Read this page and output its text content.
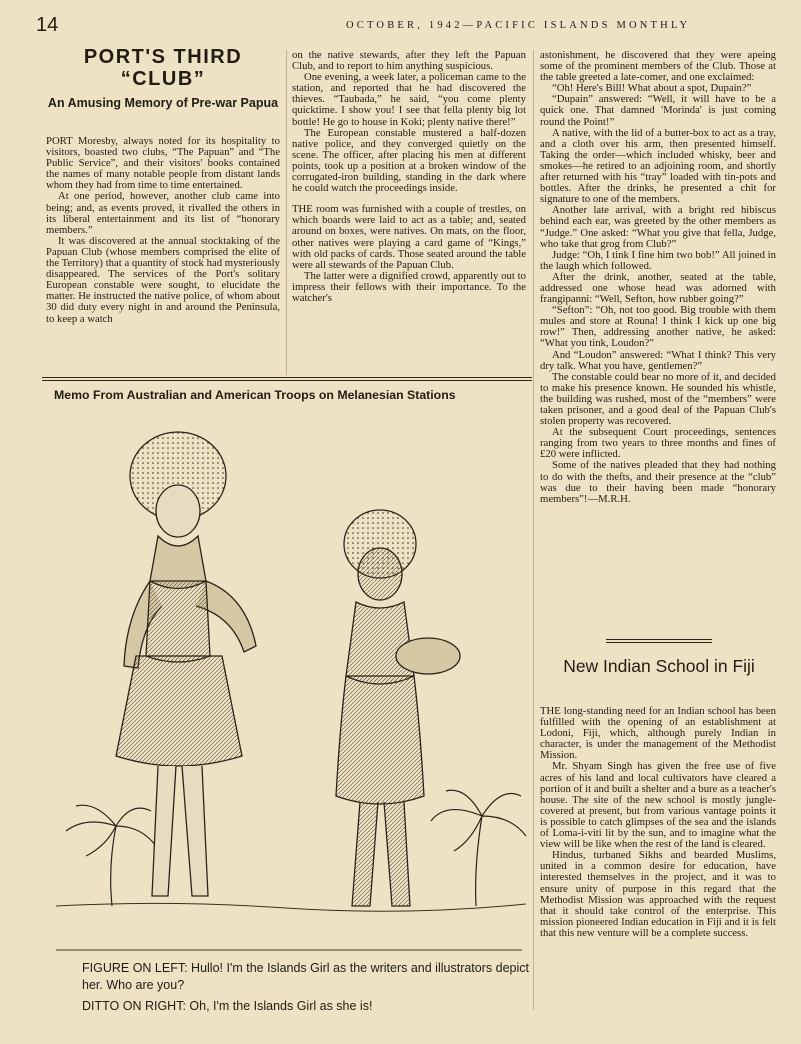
14	OCTOBER, 1942—PACIFIC ISLANDS MONTHLY
PORT'S THIRD “CLUB”
An Amusing Memory of Pre-war Papua

PORT Moresby, always noted for its hospitality to visitors, boasted two clubs, “The Papuan” and “The Public Service”, and their visitors' books contained the names of many notable people from distant lands whom they had from time to time entertained.

At one period, however, another club came into being; and, as events proved, it rivalled the others in its liberal entertainment and its list of “honorary members.”

It was discovered at the annual stocktaking of the Papuan Club (whose members comprised the elite of the Territory) that a quantity of stock had mysteriously disappeared. The services of the Port's solitary European constable were sought, to elucidate the matter. He instructed the native police, of whom about 30 did duty every night in and around the Peninsula, to keep a watch

on the native stewards, after they left the Papuan Club, and to report to him anything suspicious.

One evening, a week later, a policeman came to the station, and reported that he had discovered the thieves. “Taubada,” he said, “you come plenty quicktime. I show you! I see that fella plenty big lot bottle! He go to house in Koki; plenty native there!”

The European constable mustered a half-dozen native police, and they converged quietly on the scene. The officer, after placing his men at different points, took up a position at a broken window of the corrugated-iron building, standing in the dark where he could watch the proceedings inside.

THE room was furnished with a couple of trestles, on which boards were laid to act as a table; and, seated around on boxes, were natives. On mats, on the floor, other natives were playing a card game of “Kings,” with old packs of cards. Those seated around the table were all stewards of the Papuan Club.

The latter were a dignified crowd, apparently out to impress their fellows with their importance. To the watcher's

astonishment, he discovered that they were apeing some of the prominent members of the Club. Those at the table greeted a late-comer, and one exclaimed:

“Oh! Here's Bill! What about a spot, Dupain?”

“Dupain” answered: “Well, it will have to be a quick one. That damned 'Morinda' is just coming round the Point!”

A native, with the lid of a butter-box to act as a tray, and a cloth over his arm, then presented himself. Taking the order—which included whisky, beer and smokes—he retired to an adjoining room, and shortly after returned with his “tray” loaded with tin-pots and bottles. After the drinks, he presented a chit for signature to one of the members.

Another late arrival, with a bright red hibiscus behind each ear, was greeted by the other members as “Judge.” One asked: “What you give that fella, Judge, who take that grog from Club?”

Judge: “Oh, I tink I fine him two bob!” All joined in the laugh which followed.

After the drink, another, seated at the table, addressed one whose head was adorned with frangipanni: “Well, Sefton, how rubber going?”

“Sefton”: “Oh, not too good. Big trouble with them mules and store at Rouna! I think I kick up one big row!” Then, addressing another native, he asked: “What you tink, Loudon?”

And “Loudon” answered: “What I think? This very dry talk. What you have, gentlemen?”

The constable could bear no more of it, and decided to make his presence known. He sounded his whistle, the building was rushed, most of the “members” were taken prisoner, and a good deal of the Papuan Club's stolen property was recovered.

At the subsequent Court proceedings, sentences ranging from two years to three months and fines of £20 were inflicted.

Some of the natives pleaded that they had nothing to do with the thefts, and their presence at the “club” was due to their having been made “honorary members”!—M.R.H.

Memo From Australian and American Troops on Melanesian Stations
FIGURE ON LEFT: Hullo! I'm the Islands Girl as the writers and illustrators depict her. Who are you?
DITTO ON RIGHT: Oh, I'm the Islands Girl as she is!
New Indian School in Fiji

THE long-standing need for an Indian school has been fulfilled with the opening of an establishment at Lodoni, Fiji, which, although purely Indian in character, is under the management of the Methodist Mission.

Mr. Shyam Singh has given the free use of five acres of his land and local cultivators have cleared a portion of it and built a shelter and a bure as a teacher's house. The site of the new school is mostly jungle-covered at present, but from various vantage points it is possible to catch glimpses of the sea and the islands of Loma-i-viti lit by the sun, and to imagine what the view will be like when the rest of the land is cleared.

Hindus, turbaned Sikhs and bearded Muslims, united in a common desire for education, have interested themselves in the project, and it was to ensure unity of purpose in this regard that the Methodist Mission was approached with the request that it should take control of the enterprise. This mission pioneered Indian education in Fiji and it is felt that this new venture will be a complete success.
